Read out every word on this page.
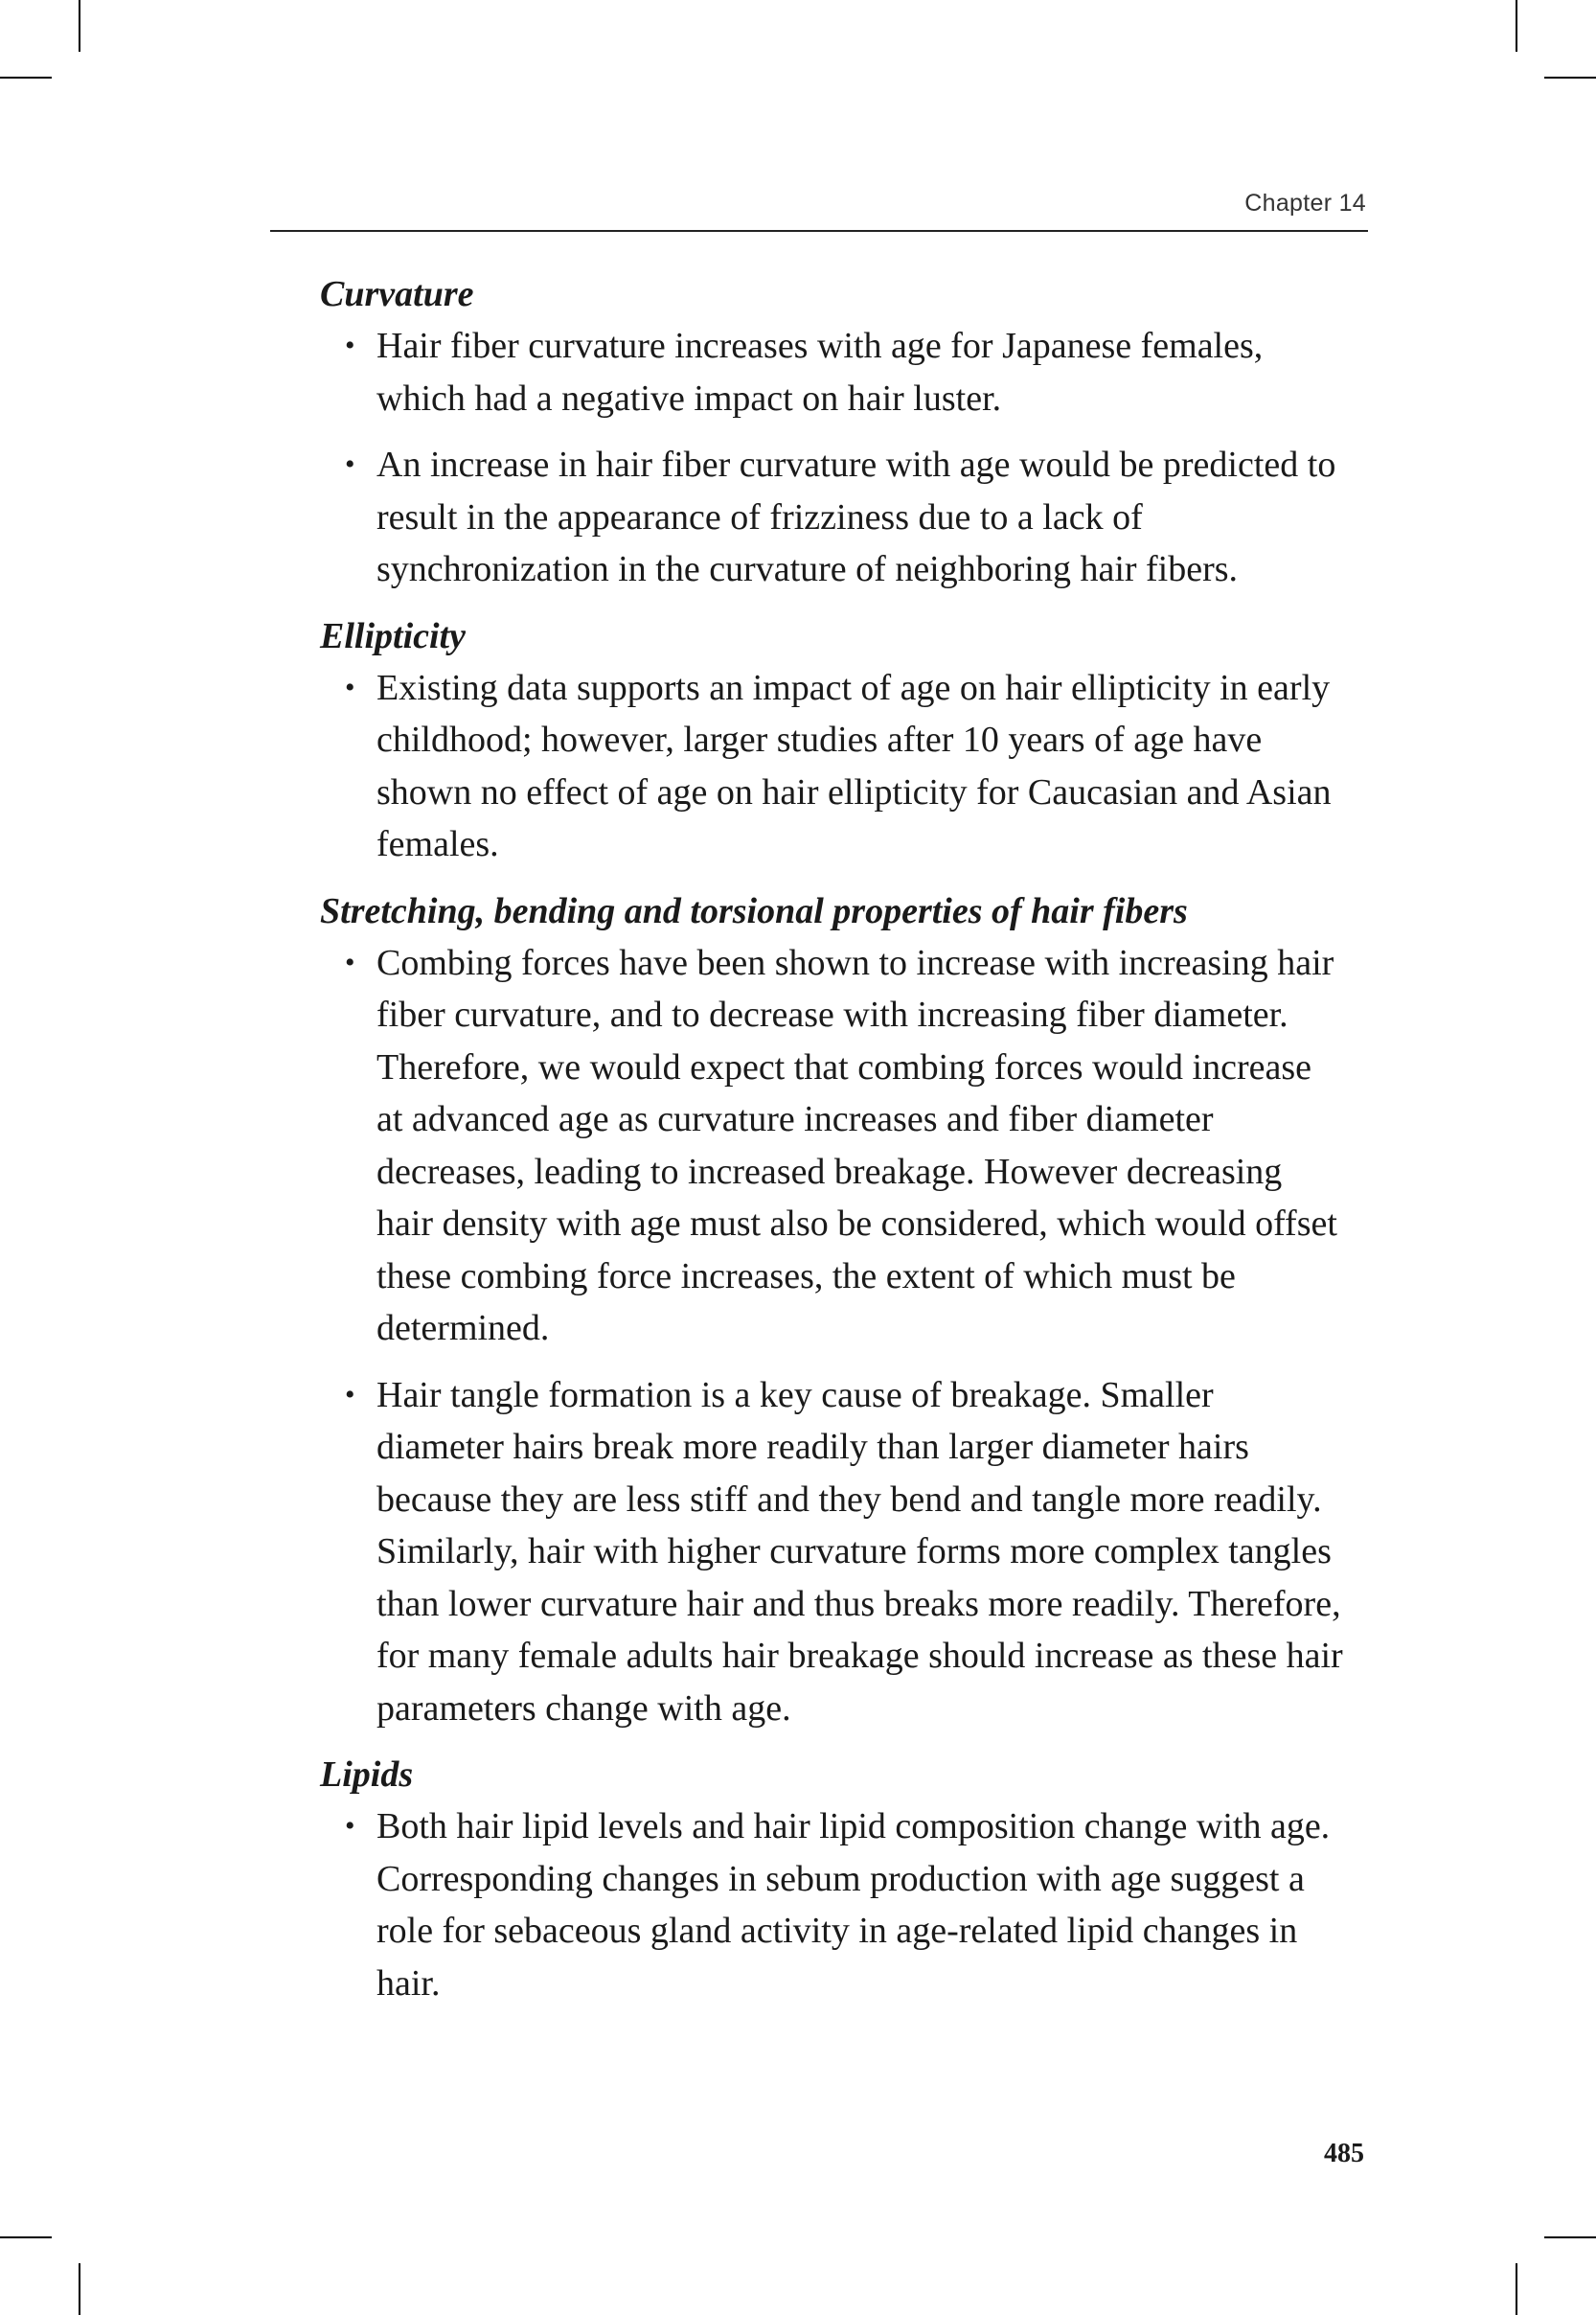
Chapter 14
Curvature
• Hair fiber curvature increases with age for Japanese females, which had a negative impact on hair luster.
• An increase in hair fiber curvature with age would be predicted to result in the appearance of frizziness due to a lack of synchronization in the curvature of neighboring hair fibers.
Ellipticity
• Existing data supports an impact of age on hair ellipticity in early childhood; however, larger studies after 10 years of age have shown no effect of age on hair ellipticity for Caucasian and Asian females.
Stretching, bending and torsional properties of hair fibers
• Combing forces have been shown to increase with increasing hair fiber curvature, and to decrease with increasing fiber diameter. Therefore, we would expect that combing forces would increase at advanced age as curvature increases and fiber diameter decreases, leading to increased breakage. However decreasing hair density with age must also be considered, which would offset these combing force increases, the extent of which must be determined.
• Hair tangle formation is a key cause of breakage. Smaller diameter hairs break more readily than larger diameter hairs because they are less stiff and they bend and tangle more readily. Similarly, hair with higher curvature forms more complex tangles than lower curvature hair and thus breaks more readily. Therefore, for many female adults hair breakage should increase as these hair parameters change with age.
Lipids
• Both hair lipid levels and hair lipid composition change with age. Corresponding changes in sebum production with age suggest a role for sebaceous gland activity in age-related lipid changes in hair.
485
